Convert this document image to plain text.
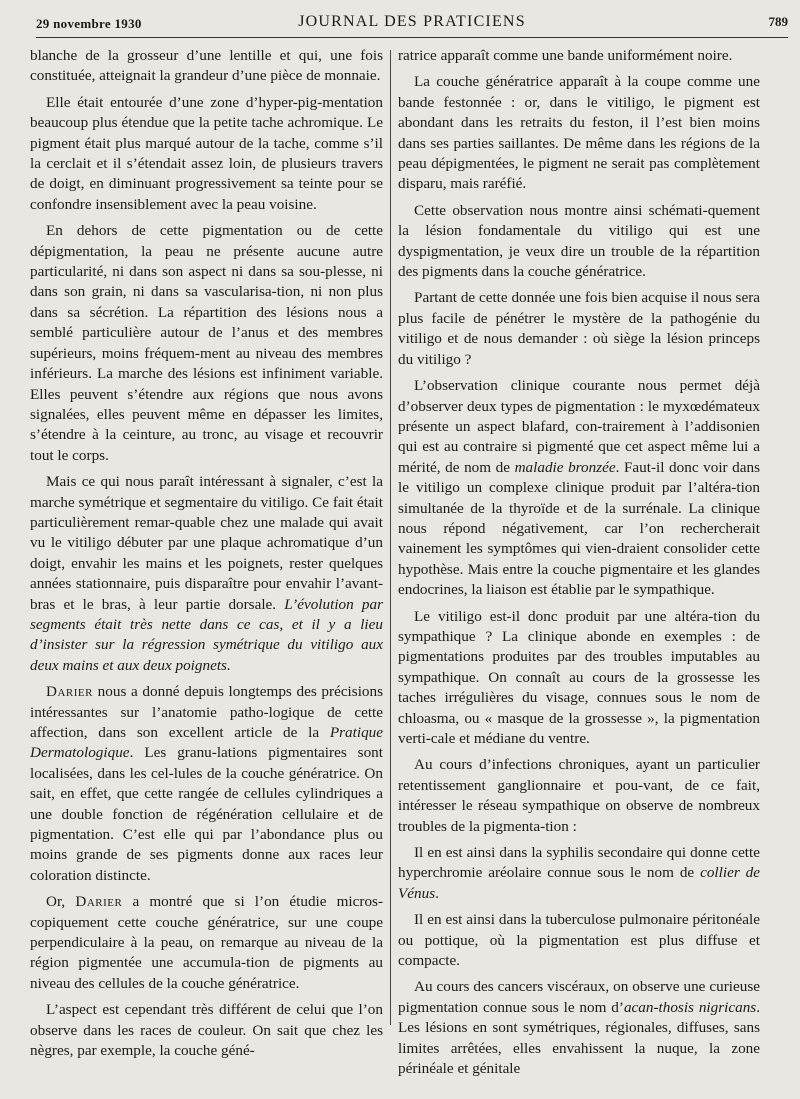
29 novembre 1930	JOURNAL DES PRATICIENS	789

blanche de la grosseur d’une lentille et qui, une fois constituée, atteignait la grandeur d’une pièce de monnaie.

Elle était entourée d’une zone d’hyper-pig-mentation beaucoup plus étendue que la petite tache achromique. Le pigment était plus marqué autour de la tache, comme s’il la cerclait et il s’étendait assez loin, de plusieurs travers de doigt, en diminuant progressivement sa teinte pour se confondre insensiblement avec la peau voisine.

En dehors de cette pigmentation ou de cette dépigmentation, la peau ne présente aucune autre particularité, ni dans son aspect ni dans sa sou-plesse, ni dans son grain, ni dans sa vascularisa-tion, ni non plus dans sa sécrétion. La répartition des lésions nous a semblé particulière autour de l’anus et des membres supérieurs, moins fréquem-ment au niveau des membres inférieurs. La marche des lésions est infiniment variable. Elles peuvent s’étendre aux régions que nous avons signalées, elles peuvent même en dépasser les limites, s’étendre à la ceinture, au tronc, au visage et recouvrir tout le corps.

Mais ce qui nous paraît intéressant à signaler, c’est la marche symétrique et segmentaire du vitiligo. Ce fait était particulièrement remar-quable chez une malade qui avait vu le vitiligo débuter par une plaque achromatique d’un doigt, envahir les mains et les poignets, rester quelques années stationnaire, puis disparaître pour envahir l’avant-bras et le bras, à leur partie dorsale. L’évolution par segments était très nette dans ce cas, et il y a lieu d’insister sur la régression symétrique du vitiligo aux deux mains et aux deux poignets.

Darier nous a donné depuis longtemps des précisions intéressantes sur l’anatomie patho-logique de cette affection, dans son excellent article de la Pratique Dermatologique. Les granu-lations pigmentaires sont localisées, dans les cel-lules de la couche génératrice. On sait, en effet, que cette rangée de cellules cylindriques a une double fonction de régénération cellulaire et de pigmentation. C’est elle qui par l’abondance plus ou moins grande de ses pigments donne aux races leur coloration distincte.

Or, Darier a montré que si l’on étudie micros-copiquement cette couche génératrice, sur une coupe perpendiculaire à la peau, on remarque au niveau de la région pigmentée une accumula-tion de pigments au niveau des cellules de la couche génératrice.

L’aspect est cependant très différent de celui que l’on observe dans les races de couleur. On sait que chez les nègres, par exemple, la couche géné-

ratrice apparaît comme une bande uniformément noire.

La couche génératrice apparaît à la coupe comme une bande festonnée : or, dans le vitiligo, le pigment est abondant dans les retraits du feston, il l’est bien moins dans ses parties saillantes. De même dans les régions de la peau dépigmentées, le pigment ne serait pas complètement disparu, mais raréfié.

Cette observation nous montre ainsi schémati-quement la lésion fondamentale du vitiligo qui est une dyspigmentation, je veux dire un trouble de la répartition des pigments dans la couche génératrice.

Partant de cette donnée une fois bien acquise il nous sera plus facile de pénétrer le mystère de la pathogénie du vitiligo et de nous demander : où siège la lésion princeps du vitiligo ?

L’observation clinique courante nous permet déjà d’observer deux types de pigmentation : le myxœdémateux présente un aspect blafard, con-trairement à l’addisonien qui est au contraire si pigmenté que cet aspect même lui a mérité, de nom de maladie bronzée. Faut-il donc voir dans le vitiligo un complexe clinique produit par l’altéra-tion simultanée de la thyroïde et de la surrénale. La clinique nous répond négativement, car l’on rechercherait vainement les symptômes qui vien-draient consolider cette hypothèse. Mais entre la couche pigmentaire et les glandes endocrines, la liaison est établie par le sympathique.

Le vitiligo est-il donc produit par une altéra-tion du sympathique ? La clinique abonde en exemples : de pigmentations produites par des troubles imputables au sympathique. On connaît au cours de la grossesse les taches irrégulières du visage, connues sous le nom de chloasma, ou « masque de la grossesse », la pigmentation verti-cale et médiane du ventre.

Au cours d’infections chroniques, ayant un particulier retentissement ganglionnaire et pou-vant, de ce fait, intéresser le réseau sympathique on observe de nombreux troubles de la pigmenta-tion :

Il en est ainsi dans la syphilis secondaire qui donne cette hyperchromie aréolaire connue sous le nom de collier de Vénus.

Il en est ainsi dans la tuberculose pulmonaire péritonéale ou pottique, où la pigmentation est plus diffuse et compacte.

Au cours des cancers viscéraux, on observe une curieuse pigmentation connue sous le nom d’acan-thosis nigricans. Les lésions en sont symétriques, régionales, diffuses, sans limites arrêtées, elles envahissent la nuque, la zone périnéale et génitale
